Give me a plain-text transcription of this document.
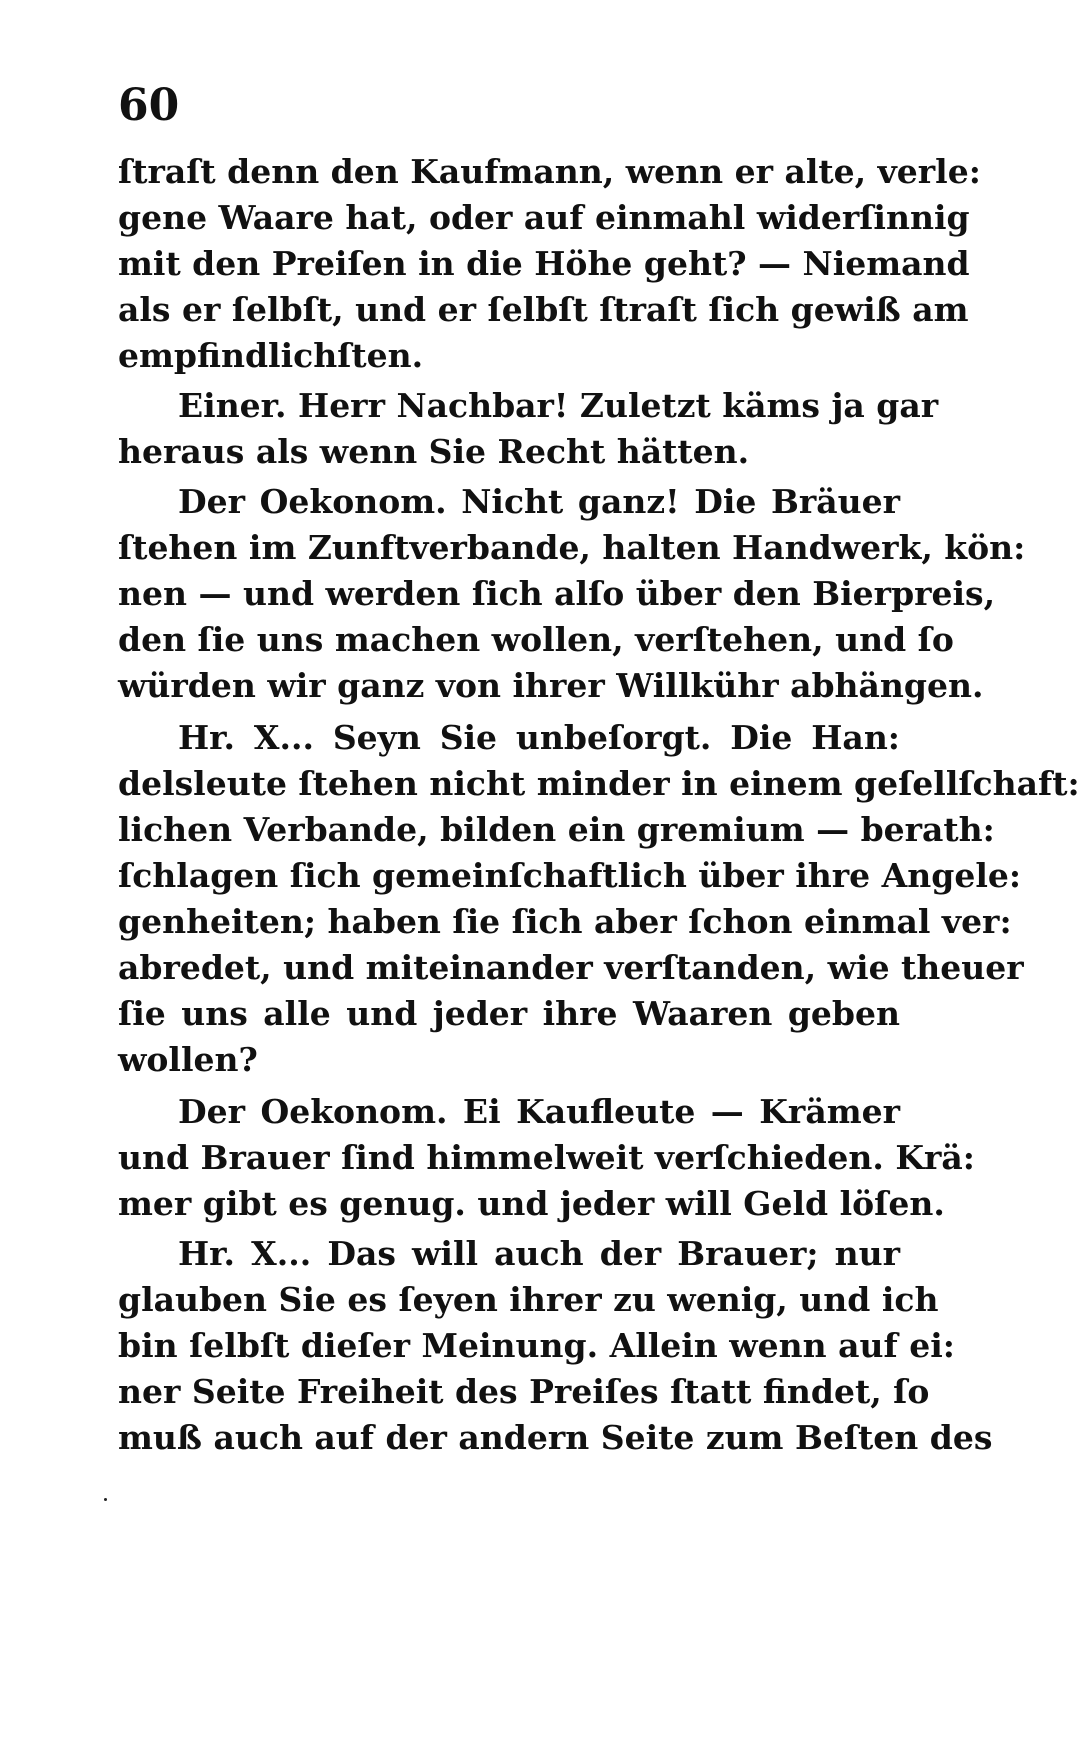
60
ſtraſt denn den Kaufmann, wenn er alte, verle:
gene Waare hat, oder auf einmahl widerſinnig
mit den Preiſen in die Höhe geht? — Niemand
als er ſelbſt, und er ſelbſt ſtraſt ſich gewiß am
empfindlichſten.
Einer. Herr Nachbar! Zuletzt käms ja gar
heraus als wenn Sie Recht hätten.
Der Oekonom. Nicht ganz! Die Bräuer
ſtehen im Zunftverbande, halten Handwerk, kön:
nen — und werden ſich alſo über den Bierpreis,
den ſie uns machen wollen, verſtehen, und ſo
würden wir ganz von ihrer Willkühr abhängen.
Hr. X... Seyn Sie unbeſorgt. Die Han:
delsleute ſtehen nicht minder in einem geſellſchaft:
lichen Verbande, bilden ein gremium — berath:
ſchlagen ſich gemeinſchaftlich über ihre Angele:
genheiten; haben ſie ſich aber ſchon einmal ver:
abredet, und miteinander verſtanden, wie theuer
ſie uns alle und jeder ihre Waaren geben
wollen?
Der Oekonom. Ei Kaufleute — Krämer
und Brauer ſind himmelweit verſchieden. Krä:
mer gibt es genug. und jeder will Geld löſen.
Hr. X... Das will auch der Brauer; nur
glauben Sie es ſeyen ihrer zu wenig, und ich
bin ſelbſt dieſer Meinung. Allein wenn auf ei:
ner Seite Freiheit des Preiſes ſtatt findet, ſo
muß auch auf der andern Seite zum Beſten des
